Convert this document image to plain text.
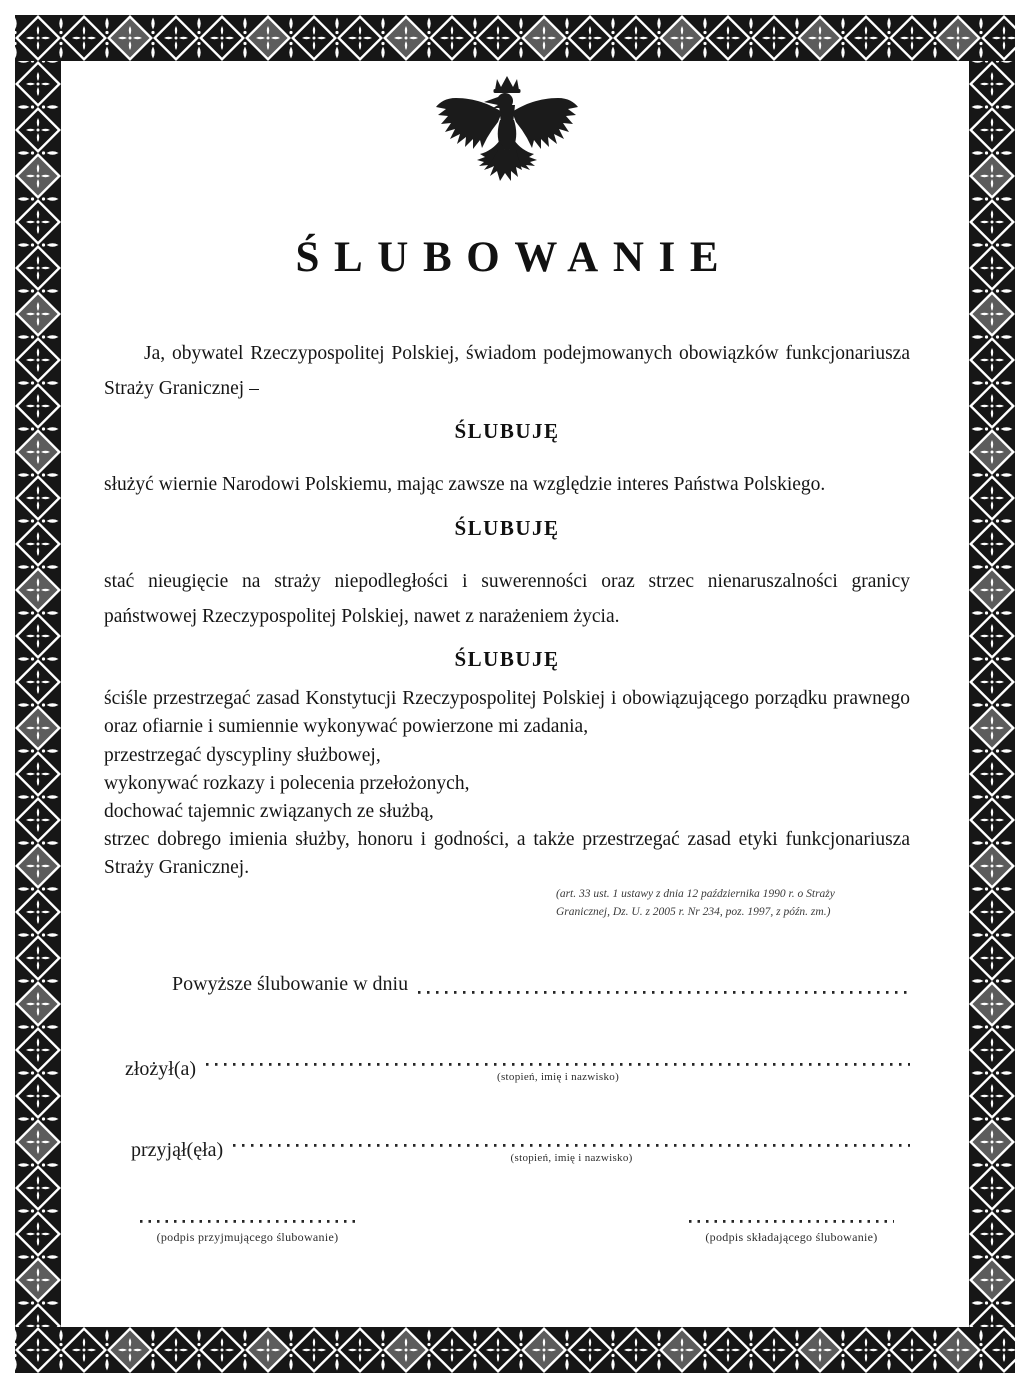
ŚLUBOWANIE

Ja, obywatel Rzeczypospolitej Polskiej, świadom podejmowanych obowiązków funkcjonariusza Straży Granicznej –

ŚLUBUJĘ

służyć wiernie Narodowi Polskiemu, mając zawsze na względzie interes Państwa Polskiego.

ŚLUBUJĘ

stać nieugięcie na straży niepodległości i suwerenności oraz strzec nienaruszalności granicy państwowej Rzeczypospolitej Polskiej, nawet z narażeniem życia.

ŚLUBUJĘ

ściśle przestrzegać zasad Konstytucji Rzeczypospolitej Polskiej i obowiązującego porządku prawnego oraz ofiarnie i sumiennie wykonywać powierzone mi zadania,

przestrzegać dyscypliny służbowej,

wykonywać rozkazy i polecenia przełożonych,

dochować tajemnic związanych ze służbą,

strzec dobrego imienia służby, honoru i godności, a także przestrzegać zasad etyki funkcjonariusza Straży Granicznej.

(art. 33 ust. 1 ustawy z dnia 12 października 1990 r. o Straży
Granicznej, Dz. U. z 2005 r. Nr 234, poz. 1997, z późn. zm.)
Powyższe ślubowanie w dniu
złożył(a)	(stopień, imię i nazwisko)
przyjął(ęła)	(stopień, imię i nazwisko)
(podpis przyjmującego ślubowanie)	(podpis składającego ślubowanie)
